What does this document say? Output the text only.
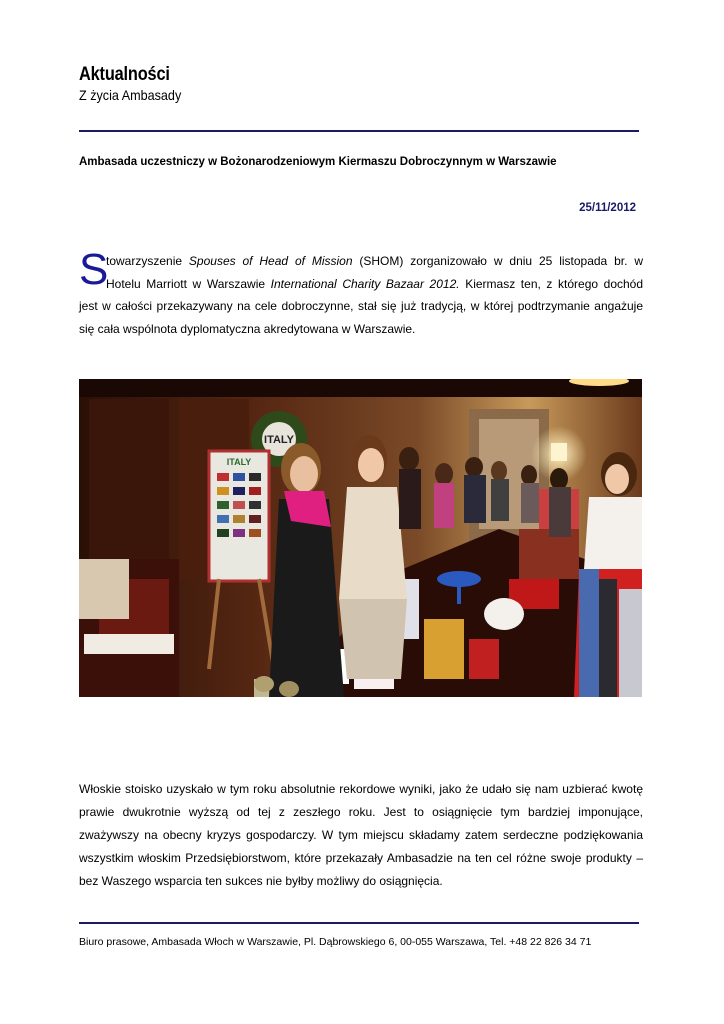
Aktualności
Z życia Ambasady
Ambasada uczestniczy w Bożonarodzeniowym Kiermaszu Dobroczynnym w Warszawie
25/11/2012
S
towarzyszenie Spouses of Head of Mission (SHOM) zorganizowało w dniu 25 listopada br. w
Hotelu Marriott w Warszawie International Charity Bazaar 2012. Kiermasz ten, z którego dochód
jest w całości przekazywany na cele dobroczynne, stał się już tradycją, w której podtrzymanie angażuje
się cała wspólnota dyplomatyczna akredytowana w Warszawie.
ITALY
ITALY
Włoskie stoisko uzyskało w tym roku absolutnie rekordowe wyniki, jako że udało się nam uzbierać kwotę
prawie dwukrotnie wyższą od tej z zeszłego roku. Jest to osiągnięcie tym bardziej imponujące,
zważywszy na obecny kryzys gospodarczy. W tym miejscu składamy zatem serdeczne podziękowania
wszystkim włoskim Przedsiębiorstwom, które przekazały Ambasadzie na ten cel różne swoje produkty –
bez Waszego wsparcia ten sukces nie byłby możliwy do osiągnięcia.
Biuro prasowe, Ambasada Włoch w Warszawie, Pl. Dąbrowskiego 6, 00-055 Warszawa, Tel. +48 22 826 34 71
